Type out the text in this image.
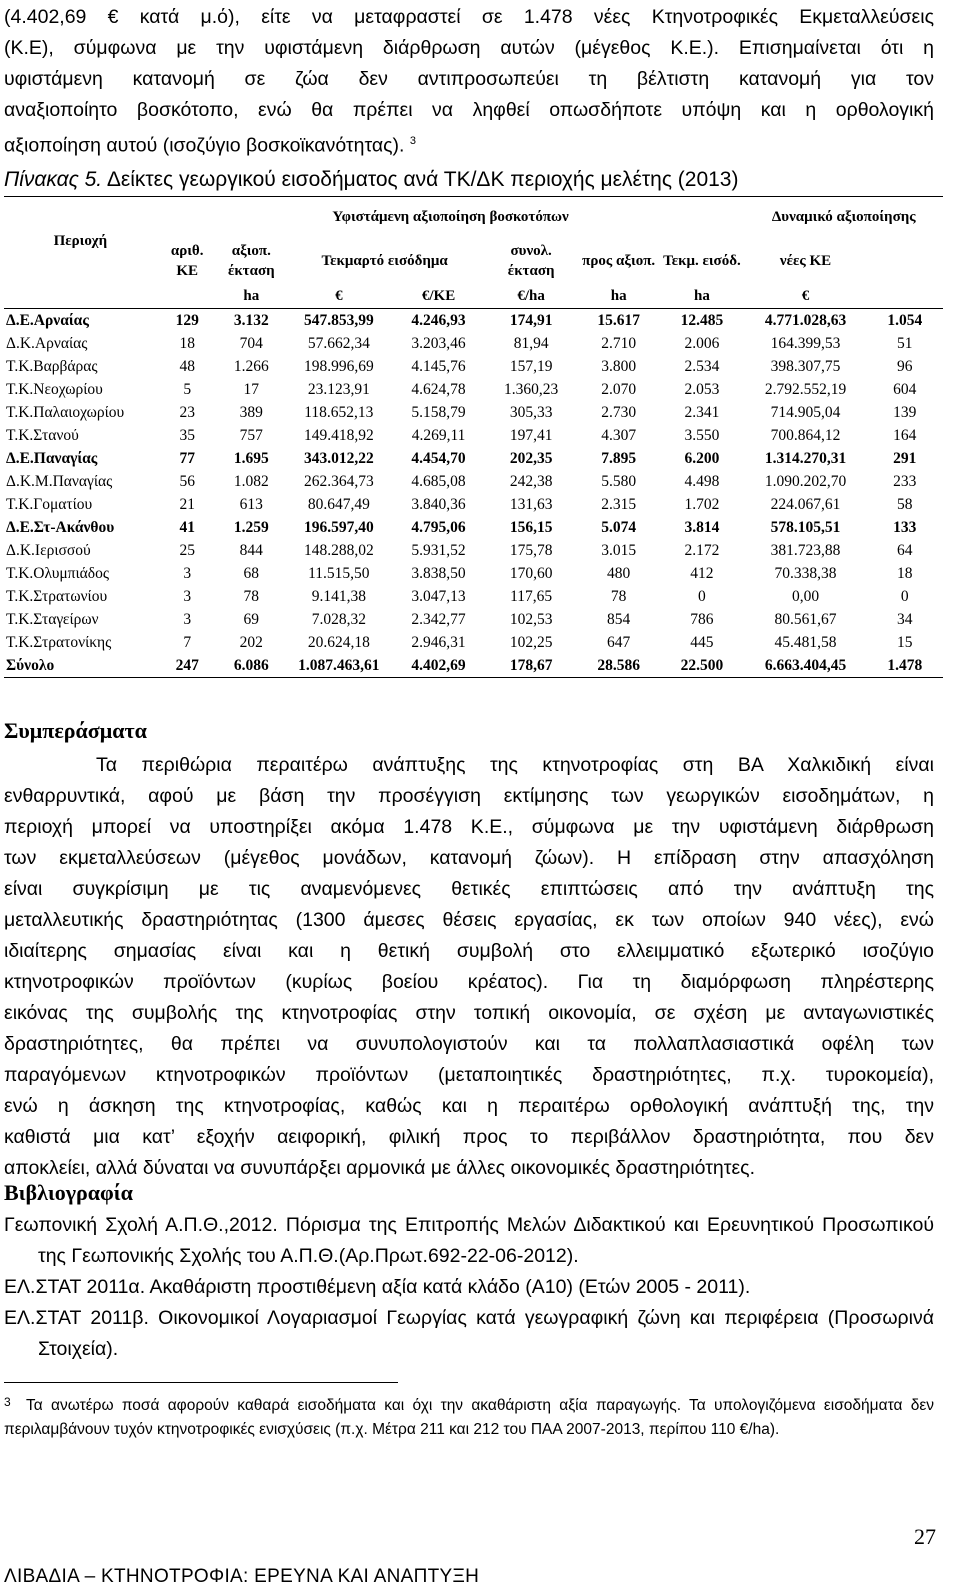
(4.402,69 € κατά μ.ό), είτε να μεταφραστεί σε 1.478 νέες Κτηνοτροφικές Εκμεταλλεύσεις
(Κ.Ε), σύμφωνα με την υφιστάμενη διάρθρωση αυτών (μέγεθος Κ.Ε.). Επισημαίνεται ότι η
υφιστάμενη κατανομή σε ζώα δεν αντιπροσωπεύει τη βέλτιστη κατανομή για τον
αναξιοποίητο βοσκότοπο, ενώ θα πρέπει να ληφθεί οπωσδήποτε υπόψη και η ορθολογική
αξιοποίηση αυτού (ισοζύγιο βοσκοϊκανότητας). $^3$
Πίνακας 5. Δείκτες γεωργικού εισοδήματος ανά ΤΚ/ΔΚ περιοχής μελέτης (2013)
Περιοχή	Υφιστάμενη αξιοποίηση βοσκοτόπων							Δυναμικό αξιοποίησης	
	αριθ. ΚΕ	αξιοπ. έκταση	Τεκμαρτό εισόδημα		συνολ. έκταση	προς αξιοπ.	Τεκμ. εισόδ.	νέες ΚΕ	
		ha	€	€/ΚΕ	€/ha	ha	ha	€	
Δ.Ε.Αρναίας	129	3.132	547.853,99	4.246,93	174,91	15.617	12.485	4.771.028,63	1.054
Δ.Κ.Αρναίας	18	704	57.662,34	3.203,46	81,94	2.710	2.006	164.399,53	51
Τ.Κ.Βαρβάρας	48	1.266	198.996,69	4.145,76	157,19	3.800	2.534	398.307,75	96
Τ.Κ.Νεοχωρίου	5	17	23.123,91	4.624,78	1.360,23	2.070	2.053	2.792.552,19	604
Τ.Κ.Παλαιοχωρίου	23	389	118.652,13	5.158,79	305,33	2.730	2.341	714.905,04	139
Τ.Κ.Στανού	35	757	149.418,92	4.269,11	197,41	4.307	3.550	700.864,12	164
Δ.Ε.Παναγίας	77	1.695	343.012,22	4.454,70	202,35	7.895	6.200	1.314.270,31	291
Δ.Κ.Μ.Παναγίας	56	1.082	262.364,73	4.685,08	242,38	5.580	4.498	1.090.202,70	233
Τ.Κ.Γοματίου	21	613	80.647,49	3.840,36	131,63	2.315	1.702	224.067,61	58
Δ.Ε.Στ-Ακάνθου	41	1.259	196.597,40	4.795,06	156,15	5.074	3.814	578.105,51	133
Δ.Κ.Ιερισσού	25	844	148.288,02	5.931,52	175,78	3.015	2.172	381.723,88	64
Τ.Κ.Ολυμπιάδος	3	68	11.515,50	3.838,50	170,60	480	412	70.338,38	18
Τ.Κ.Στρατωνίου	3	78	9.141,38	3.047,13	117,65	78	0	0,00	0
Τ.Κ.Σταγείρων	3	69	7.028,32	2.342,77	102,53	854	786	80.561,67	34
Τ.Κ.Στρατονίκης	7	202	20.624,18	2.946,31	102,25	647	445	45.481,58	15
Σύνολο	247	6.086	1.087.463,61	4.402,69	178,67	28.586	22.500	6.663.404,45	1.478
Συμπεράσματα
Τα περιθώρια περαιτέρω ανάπτυξης της κτηνοτροφίας στη ΒΑ Χαλκιδική είναι
ενθαρρυντικά, αφού με βάση την προσέγγιση εκτίμησης των γεωργικών εισοδημάτων, η
περιοχή μπορεί να υποστηρίξει ακόμα 1.478 Κ.Ε., σύμφωνα με την υφιστάμενη διάρθρωση
των εκμεταλλεύσεων (μέγεθος μονάδων, κατανομή ζώων). Η επίδραση στην απασχόληση
είναι συγκρίσιμη με τις αναμενόμενες θετικές επιπτώσεις από την ανάπτυξη της
μεταλλευτικής δραστηριότητας (1300 άμεσες θέσεις εργασίας, εκ των οποίων 940 νέες), ενώ
ιδιαίτερης σημασίας είναι και η θετική συμβολή στο ελλειμματικό εξωτερικό ισοζύγιο
κτηνοτροφικών προϊόντων (κυρίως βοείου κρέατος). Για τη διαμόρφωση πληρέστερης
εικόνας της συμβολής της κτηνοτροφίας στην τοπική οικονομία, σε σχέση με ανταγωνιστικές
δραστηριότητες, θα πρέπει να συνυπολογιστούν και τα πολλαπλασιαστικά οφέλη των
παραγόμενων κτηνοτροφικών προϊόντων (μεταποιητικές δραστηριότητες, π.χ. τυροκομεία),
ενώ η άσκηση της κτηνοτροφίας, καθώς και η περαιτέρω ορθολογική ανάπτυξή της, την
καθιστά μια κατ’ εξοχήν αειφορική, φιλική προς το περιβάλλον δραστηριότητα, που δεν
αποκλείει, αλλά δύναται να συνυπάρξει αρμονικά με άλλες οικονομικές δραστηριότητες.
Βιβλιογραφία
Γεωπονική Σχολή Α.Π.Θ.,2012. Πόρισμα της Επιτροπής Μελών Διδακτικού και Ερευνητικού Προσωπικού της Γεωπονικής Σχολής του Α.Π.Θ.(Αρ.Πρωτ.692-22-06-2012).
ΕΛ.ΣΤΑΤ 2011α. Ακαθάριστη προστιθέμενη αξία κατά κλάδο (Α10) (Ετών 2005 - 2011).
ΕΛ.ΣΤΑΤ 2011β. Οικονομικοί Λογαριασμοί Γεωργίας κατά γεωγραφική ζώνη και περιφέρεια (Προσωρινά Στοιχεία).
3 Τα ανωτέρω ποσά αφορούν καθαρά εισοδήματα και όχι την ακαθάριστη αξία παραγωγής. Τα υπολογιζόμενα εισοδήματα δεν περιλαμβάνουν τυχόν κτηνοτροφικές ενισχύσεις (π.χ. Μέτρα 211 και 212 του ΠΑΑ 2007-2013, περίπου 110 €/ha).
27
ΛΙΒΑΔΙΑ – ΚΤΗΝΟΤΡΟΦΙΑ: ΕΡΕΥΝΑ ΚΑΙ ΑΝΑΠΤΥΞΗ
